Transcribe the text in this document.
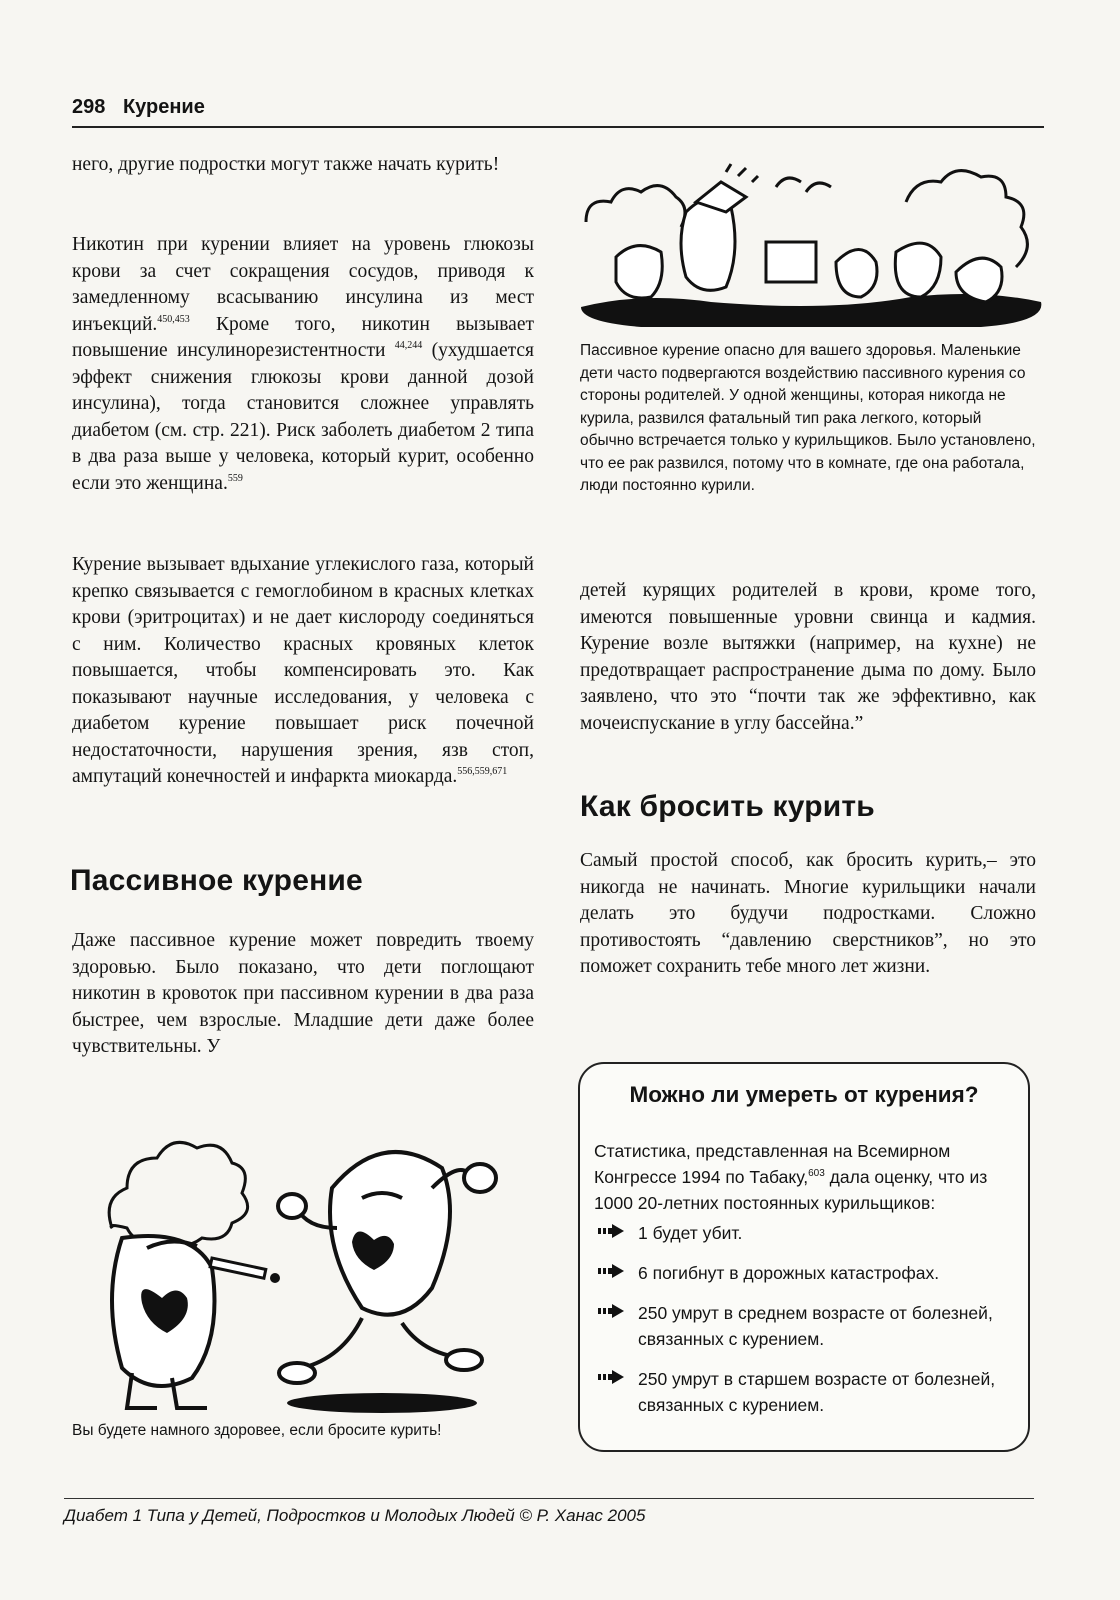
298 Курение

него, другие подростки могут также начать курить!

Никотин при курении влияет на уровень глюкозы крови за счет сокращения сосудов, приводя к замедленному всасыванию инсулина из мест инъекций.$^{450,453}$ Кроме того, никотин вызывает повышение инсулинорезистентности $^{44,244}$ (ухудшается эффект снижения глюкозы крови данной дозой инсулина), тогда становится сложнее управлять диабетом (см. стр. 221). Риск заболеть диабетом 2 типа в два раза выше у человека, который курит, особенно если это женщина.$^{559}$

Курение вызывает вдыхание углекислого газа, который крепко связывается с гемоглобином в красных клетках крови (эритроцитах) и не дает кислороду соединяться с ним. Количество красных кровяных клеток повышается, чтобы компенсировать это. Как показывают научные исследования, у человека с диабетом курение повышает риск почечной недостаточности, нарушения зрения, язв стоп, ампутаций конечностей и инфаркта миокарда.$^{556,559,671}$

Пассивное курение

Даже пассивное курение может повредить твоему здоровью. Было показано, что дети поглощают никотин в кровоток при пассивном курении в два раза быстрее, чем взрослые. Младшие дети даже более чувствительны. У

Вы будете намного здоровее, если бросите курить!
Пассивное курение опасно для вашего здоровья. Маленькие дети часто подвергаются воздействию пассивного курения со стороны родителей. У одной женщины, которая никогда не курила, развился фатальный тип рака легкого, который обычно встречается только у курильщиков. Было установлено, что ее рак развился, потому что в комнате, где она работала, люди постоянно курили.

детей курящих родителей в крови, кроме того, имеются повышенные уровни свинца и кадмия. Курение возле вытяжки (например, на кухне) не предотвращает распространение дыма по дому. Было заявлено, что это “почти так же эффективно, как мочеиспускание в углу бассейна.”

Как бросить курить

Самый простой способ, как бросить курить,– это никогда не начинать. Многие курильщики начали делать это будучи подростками. Сложно противостоять “давлению сверстников”, но это поможет сохранить тебе много лет жизни.

Можно ли умереть от курения?
Статистика, представленная на Всемирном Конгрессе 1994 по Табаку,$^{603}$ дала оценку, что из 1000 20-летних постоянных курильщиков:
1 будет убит.
6 погибнут в дорожных катастрофах.
250 умрут в среднем возрасте от болезней, связанных с курением.
250 умрут в старшем возрасте от болезней, связанных с курением.
Диабет 1 Типа у Детей, Подростков и Молодых Людей © Р. Ханас 2005
